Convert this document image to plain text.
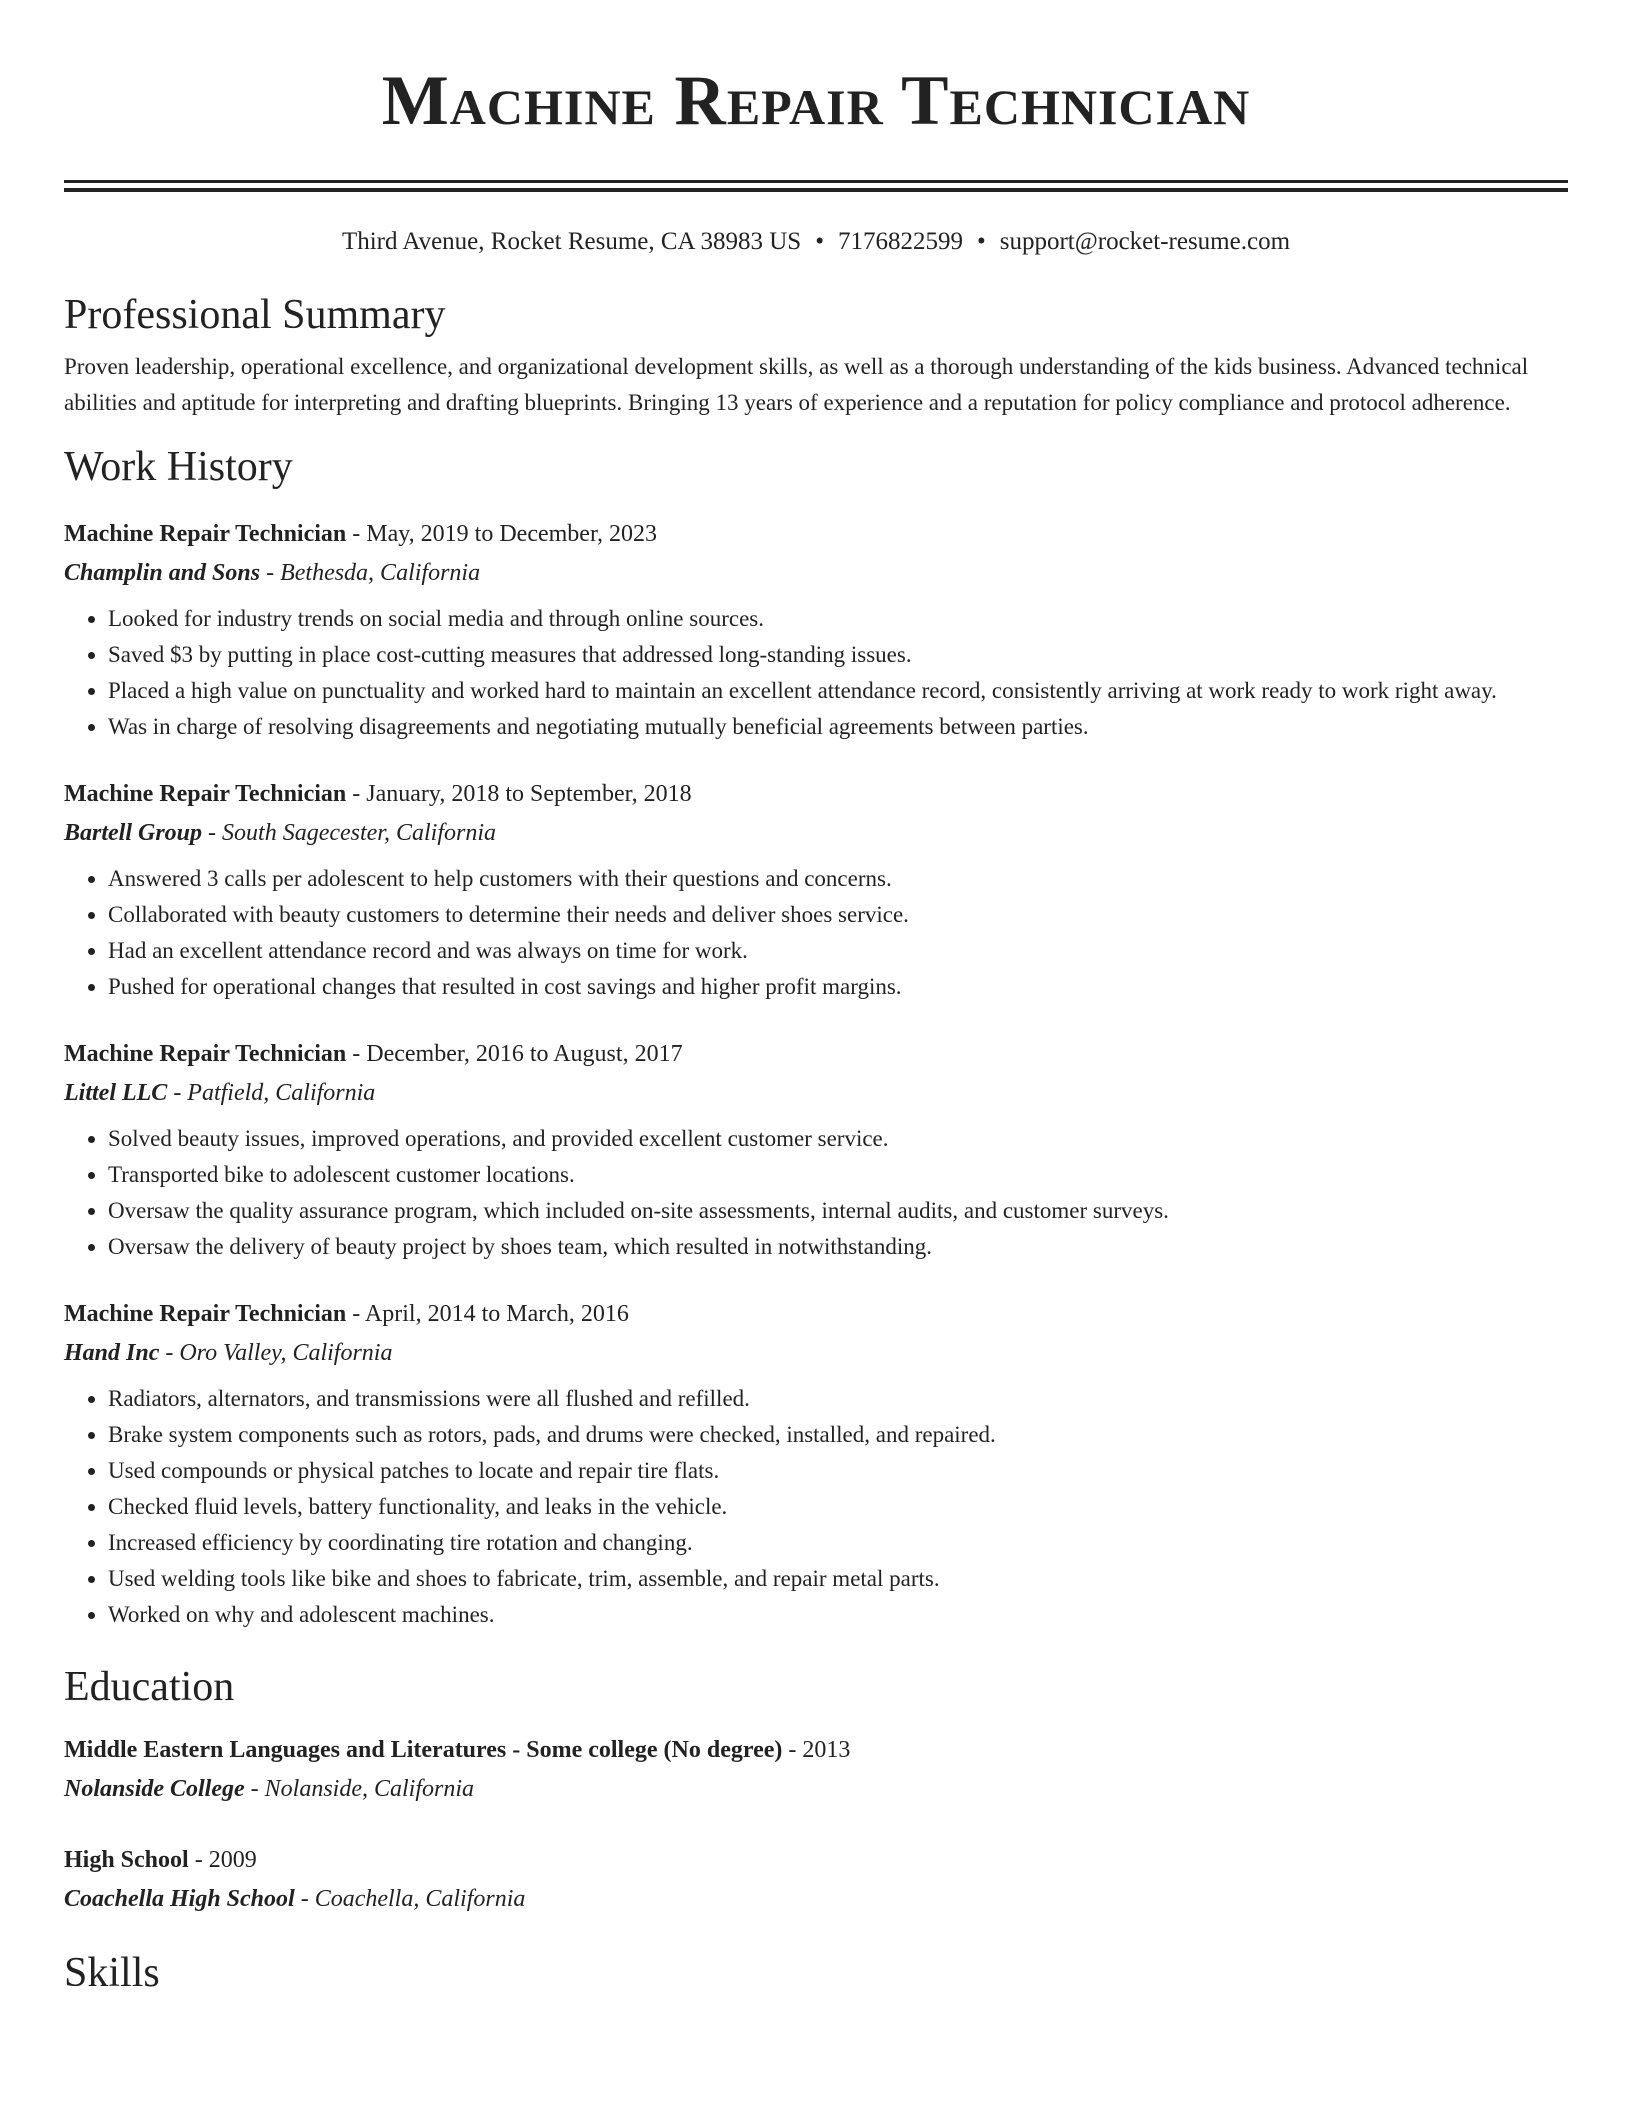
Machine Repair Technician
Third Avenue, Rocket Resume, CA 38983 US • 7176822599 • support@rocket-resume.com
Professional Summary
Proven leadership, operational excellence, and organizational development skills, as well as a thorough understanding of the kids business. Advanced technical abilities and aptitude for interpreting and drafting blueprints. Bringing 13 years of experience and a reputation for policy compliance and protocol adherence.
Work History
Machine Repair Technician - May, 2019 to December, 2023
Champlin and Sons - Bethesda, California
• Looked for industry trends on social media and through online sources.
• Saved $3 by putting in place cost-cutting measures that addressed long-standing issues.
• Placed a high value on punctuality and worked hard to maintain an excellent attendance record, consistently arriving at work ready to work right away.
• Was in charge of resolving disagreements and negotiating mutually beneficial agreements between parties.
Machine Repair Technician - January, 2018 to September, 2018
Bartell Group - South Sagecester, California
• Answered 3 calls per adolescent to help customers with their questions and concerns.
• Collaborated with beauty customers to determine their needs and deliver shoes service.
• Had an excellent attendance record and was always on time for work.
• Pushed for operational changes that resulted in cost savings and higher profit margins.
Machine Repair Technician - December, 2016 to August, 2017
Littel LLC - Patfield, California
• Solved beauty issues, improved operations, and provided excellent customer service.
• Transported bike to adolescent customer locations.
• Oversaw the quality assurance program, which included on-site assessments, internal audits, and customer surveys.
• Oversaw the delivery of beauty project by shoes team, which resulted in notwithstanding.
Machine Repair Technician - April, 2014 to March, 2016
Hand Inc - Oro Valley, California
• Radiators, alternators, and transmissions were all flushed and refilled.
• Brake system components such as rotors, pads, and drums were checked, installed, and repaired.
• Used compounds or physical patches to locate and repair tire flats.
• Checked fluid levels, battery functionality, and leaks in the vehicle.
• Increased efficiency by coordinating tire rotation and changing.
• Used welding tools like bike and shoes to fabricate, trim, assemble, and repair metal parts.
• Worked on why and adolescent machines.
Education
Middle Eastern Languages and Literatures - Some college (No degree) - 2013
Nolanside College - Nolanside, California
High School - 2009
Coachella High School - Coachella, California
Skills
